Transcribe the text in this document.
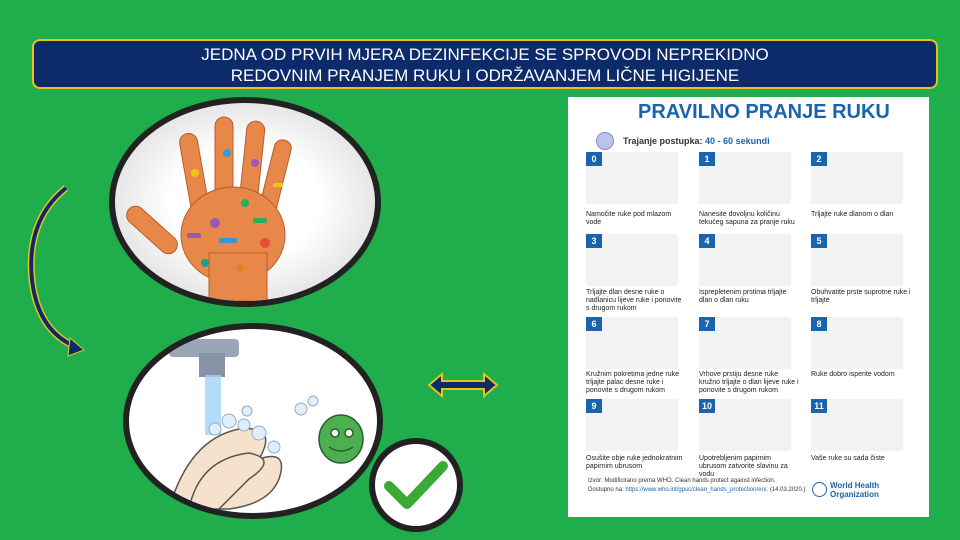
JEDNA OD PRVIH MJERA DEZINFEKCIJE SE SPROVODI NEPREKIDNO
REDOVNIM PRANJEM RUKU I ODRŽAVANJEM LIČNE HIGIJENE
PRAVILNO PRANJE RUKU
Trajanje postupka: 40 - 60 sekundi
0	1	2
Namočite ruke pod mlazom vode
Nanesite dovoljnu količinu tekućeg sapuna za pranje ruku
Trljajte ruke dlanom o dlan
3	4	5
Trljajte dlan desne ruke o nadlanicu lijeve ruke i ponovite s drugom rukom
Isprepletenim prstima trljajte dlan o dlan ruku
Obuhvatite prste suprotne ruke i trljajte
6	7	8
Kružnim pokretima jedne ruke trljajte palac desne ruke i ponovite s drugom rukom
Vrhove prstiju desne ruke kružno trljajte o dlan lijeve ruke i ponovite s drugom rukom
Ruke dobro isperite vodom
9	10	11
Osušite obje ruke jednokratnim papirnim ubrusom
Upotrebljenim papirnim ubrusom zatvorite slavinu za vodu
Vaše ruke su sada čiste
Izvor: Modificirano prema WHO. Clean hands protect against infection.
Dostupno na: https://www.who.int/gpsc/clean_hands_protection/en/. (14.03.2020.)	World Health
Organization
